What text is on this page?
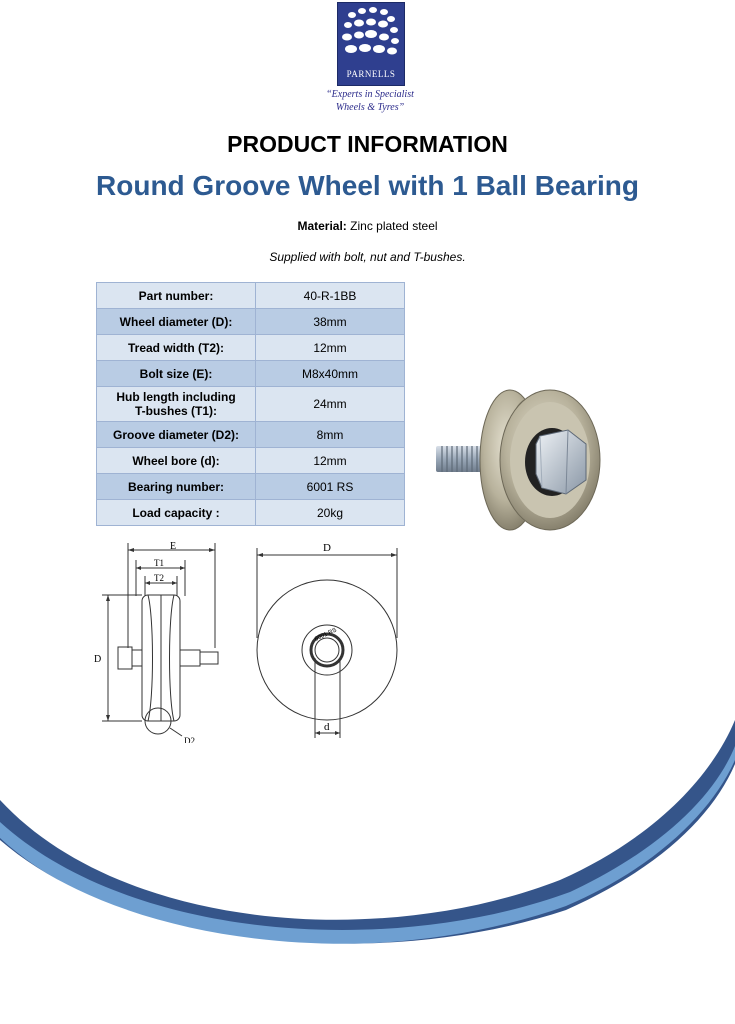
PARNELLS
“Experts in Specialist
Wheels & Tyres”
PRODUCT INFORMATION
Round Groove Wheel with 1 Ball Bearing
Material: Zinc plated steel
Supplied with bolt, nut and T-bushes.
Part number:	40-R-1BB
Wheel diameter (D):	38mm
Tread width (T2):	12mm
Bolt size (E):	M8x40mm

Hub length including
T-bushes (T1):	24mm
Groove diameter (D2):	8mm
Wheel bore (d):	12mm
Bearing number:	6001 RS
Load capacity :	20kg
E
T1
T2
D
D2
D
d
6001 RS
